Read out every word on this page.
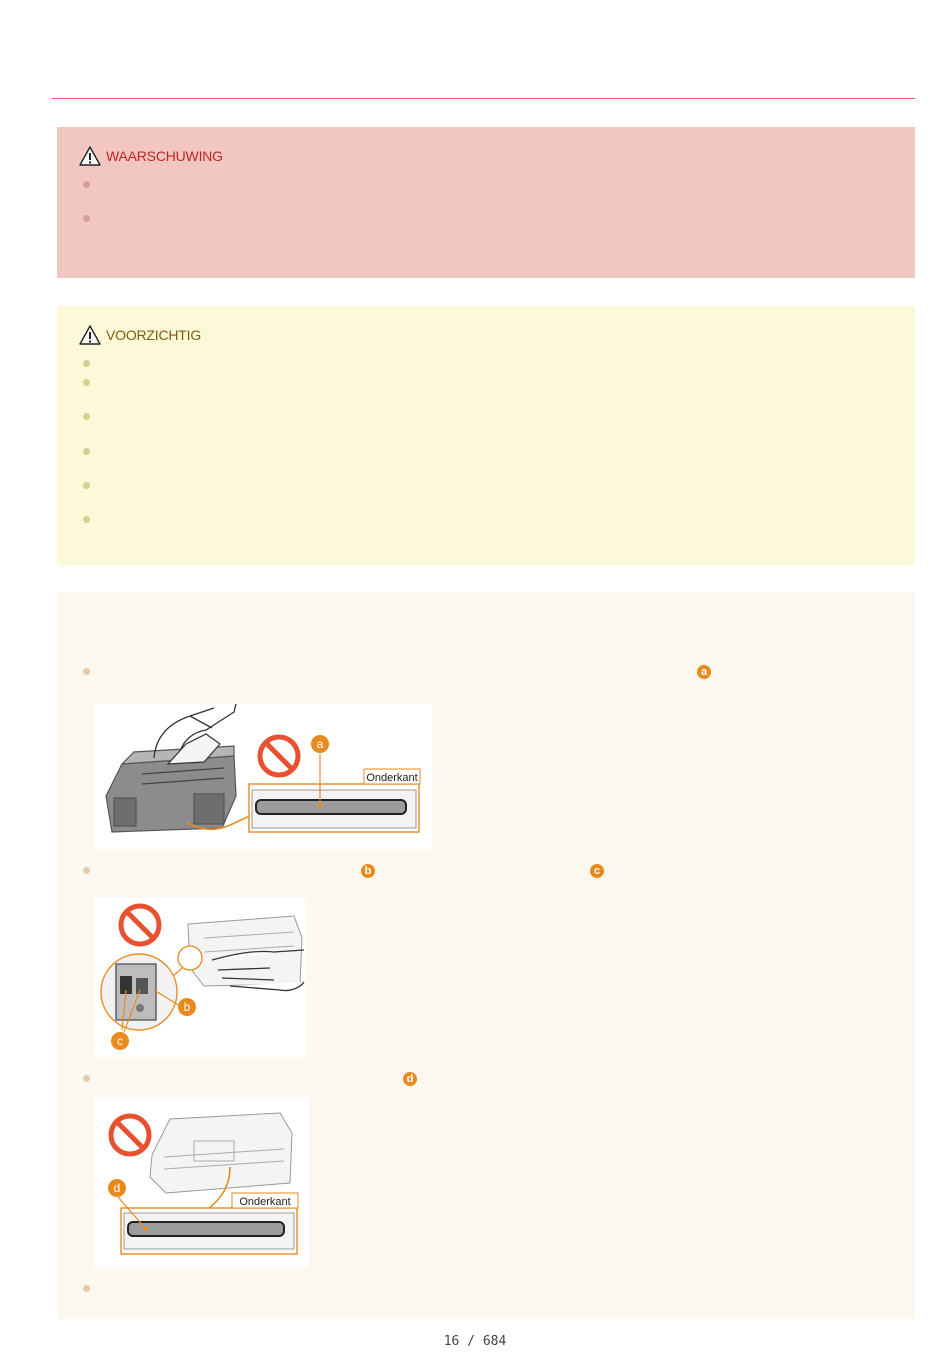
WAARSCHUWING
VOORZICHTIG
a
b	c
d
a
Onderkant
b
c
d
Onderkant
16 / 684
